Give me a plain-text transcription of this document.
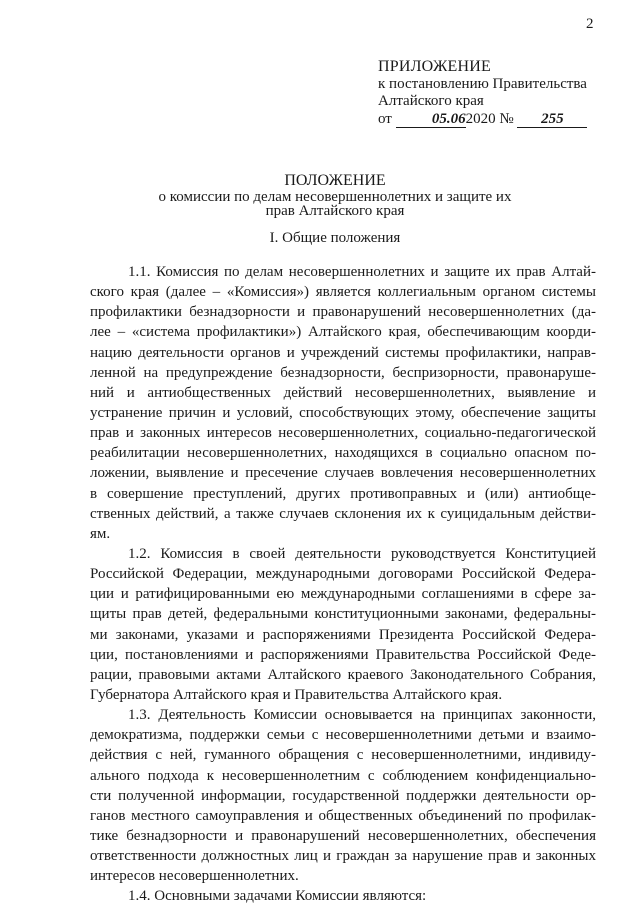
2
ПРИЛОЖЕНИЕ
к постановлению Правительства
Алтайского края
от	05.062020 № 255
ПОЛОЖЕНИЕ
о комиссии по делам несовершеннолетних и защите их
прав Алтайского края
I. Общие положения
1.1. Комиссия по делам несовершеннолетних и защите их прав Алтай-
ского края (далее – «Комиссия») является коллегиальным органом системы
профилактики безнадзорности и правонарушений несовершеннолетних (да-
лее – «система профилактики») Алтайского края, обеспечивающим коорди-
нацию деятельности органов и учреждений системы профилактики, направ-
ленной на предупреждение безнадзорности, беспризорности, правонаруше-
ний и антиобщественных действий несовершеннолетних, выявление и
устранение причин и условий, способствующих этому, обеспечение защиты
прав и законных интересов несовершеннолетних, социально-педагогической
реабилитации несовершеннолетних, находящихся в социально опасном по-
ложении, выявление и пресечение случаев вовлечения несовершеннолетних
в совершение преступлений, других противоправных и (или) антиобще-
ственных действий, а также случаев склонения их к суицидальным действи-
ям.
1.2. Комиссия в своей деятельности руководствуется Конституцией
Российской Федерации, международными договорами Российской Федера-
ции и ратифицированными ею международными соглашениями в сфере за-
щиты прав детей, федеральными конституционными законами, федеральны-
ми законами, указами и распоряжениями Президента Российской Федера-
ции, постановлениями и распоряжениями Правительства Российской Феде-
рации, правовыми актами Алтайского краевого Законодательного Собрания,
Губернатора Алтайского края и Правительства Алтайского края.
1.3. Деятельность Комиссии основывается на принципах законности,
демократизма, поддержки семьи с несовершеннолетними детьми и взаимо-
действия с ней, гуманного обращения с несовершеннолетними, индивиду-
ального подхода к несовершеннолетним с соблюдением конфиденциально-
сти полученной информации, государственной поддержки деятельности ор-
ганов местного самоуправления и общественных объединений по профилак-
тике безнадзорности и правонарушений несовершеннолетних, обеспечения
ответственности должностных лиц и граждан за нарушение прав и законных
интересов несовершеннолетних.
1.4. Основными задачами Комиссии являются:
